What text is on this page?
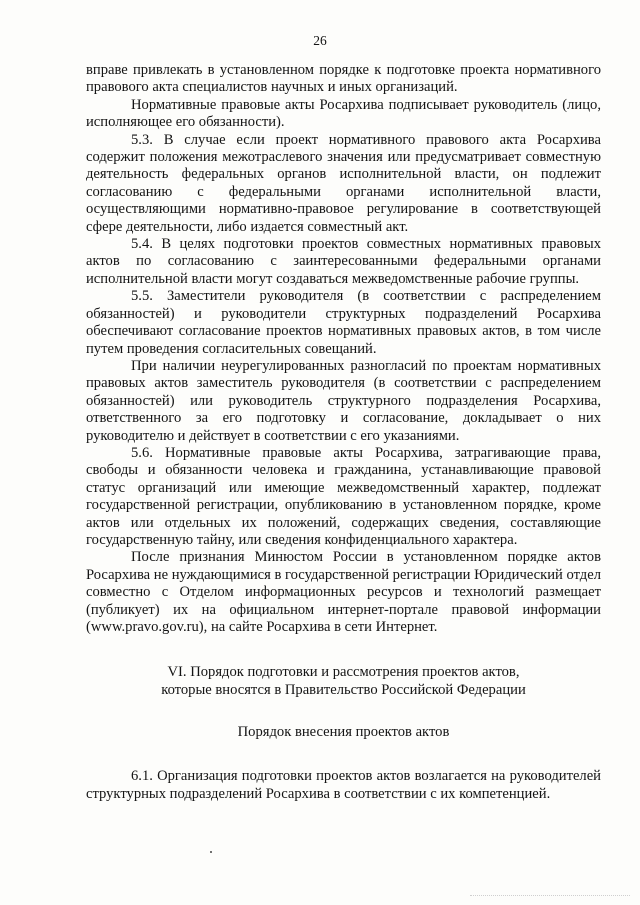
26

вправе привлекать в установленном порядке к подготовке проекта нормативного правового акта специалистов научных и иных организаций.

Нормативные правовые акты Росархива подписывает руководитель (лицо, исполняющее его обязанности).

5.3. В случае если проект нормативного правового акта Росархива содержит положения межотраслевого значения или предусматривает совместную деятельность федеральных органов исполнительной власти, он подлежит согласованию с федеральными органами исполнительной власти, осуществляющими нормативно-правовое регулирование в соответствующей сфере деятельности, либо издается совместный акт.

5.4. В целях подготовки проектов совместных нормативных правовых актов по согласованию с заинтересованными федеральными органами исполнительной власти могут создаваться межведомственные рабочие группы.

5.5. Заместители руководителя (в соответствии с распределением обязанностей) и руководители структурных подразделений Росархива обеспечивают согласование проектов нормативных правовых актов, в том числе путем проведения согласительных совещаний.

При наличии неурегулированных разногласий по проектам нормативных правовых актов заместитель руководителя (в соответствии с распределением обязанностей) или руководитель структурного подразделения Росархива, ответственного за его подготовку и согласование, докладывает о них руководителю и действует в соответствии с его указаниями.

5.6. Нормативные правовые акты Росархива, затрагивающие права, свободы и обязанности человека и гражданина, устанавливающие правовой статус организаций или имеющие межведомственный характер, подлежат государственной регистрации, опубликованию в установленном порядке, кроме актов или отдельных их положений, содержащих сведения, составляющие государственную тайну, или сведения конфиденциального характера.

После признания Минюстом России в установленном порядке актов Росархива не нуждающимися в государственной регистрации Юридический отдел совместно с Отделом информационных ресурсов и технологий размещает (публикует) их на официальном интернет-портале правовой информации (www.pravo.gov.ru), на сайте Росархива в сети Интернет.

VI. Порядок подготовки и рассмотрения проектов актов,
которые вносятся в Правительство Российской Федерации

Порядок внесения проектов актов

6.1. Организация подготовки проектов актов возлагается на руководителей структурных подразделений Росархива в соответствии с их компетенцией.
